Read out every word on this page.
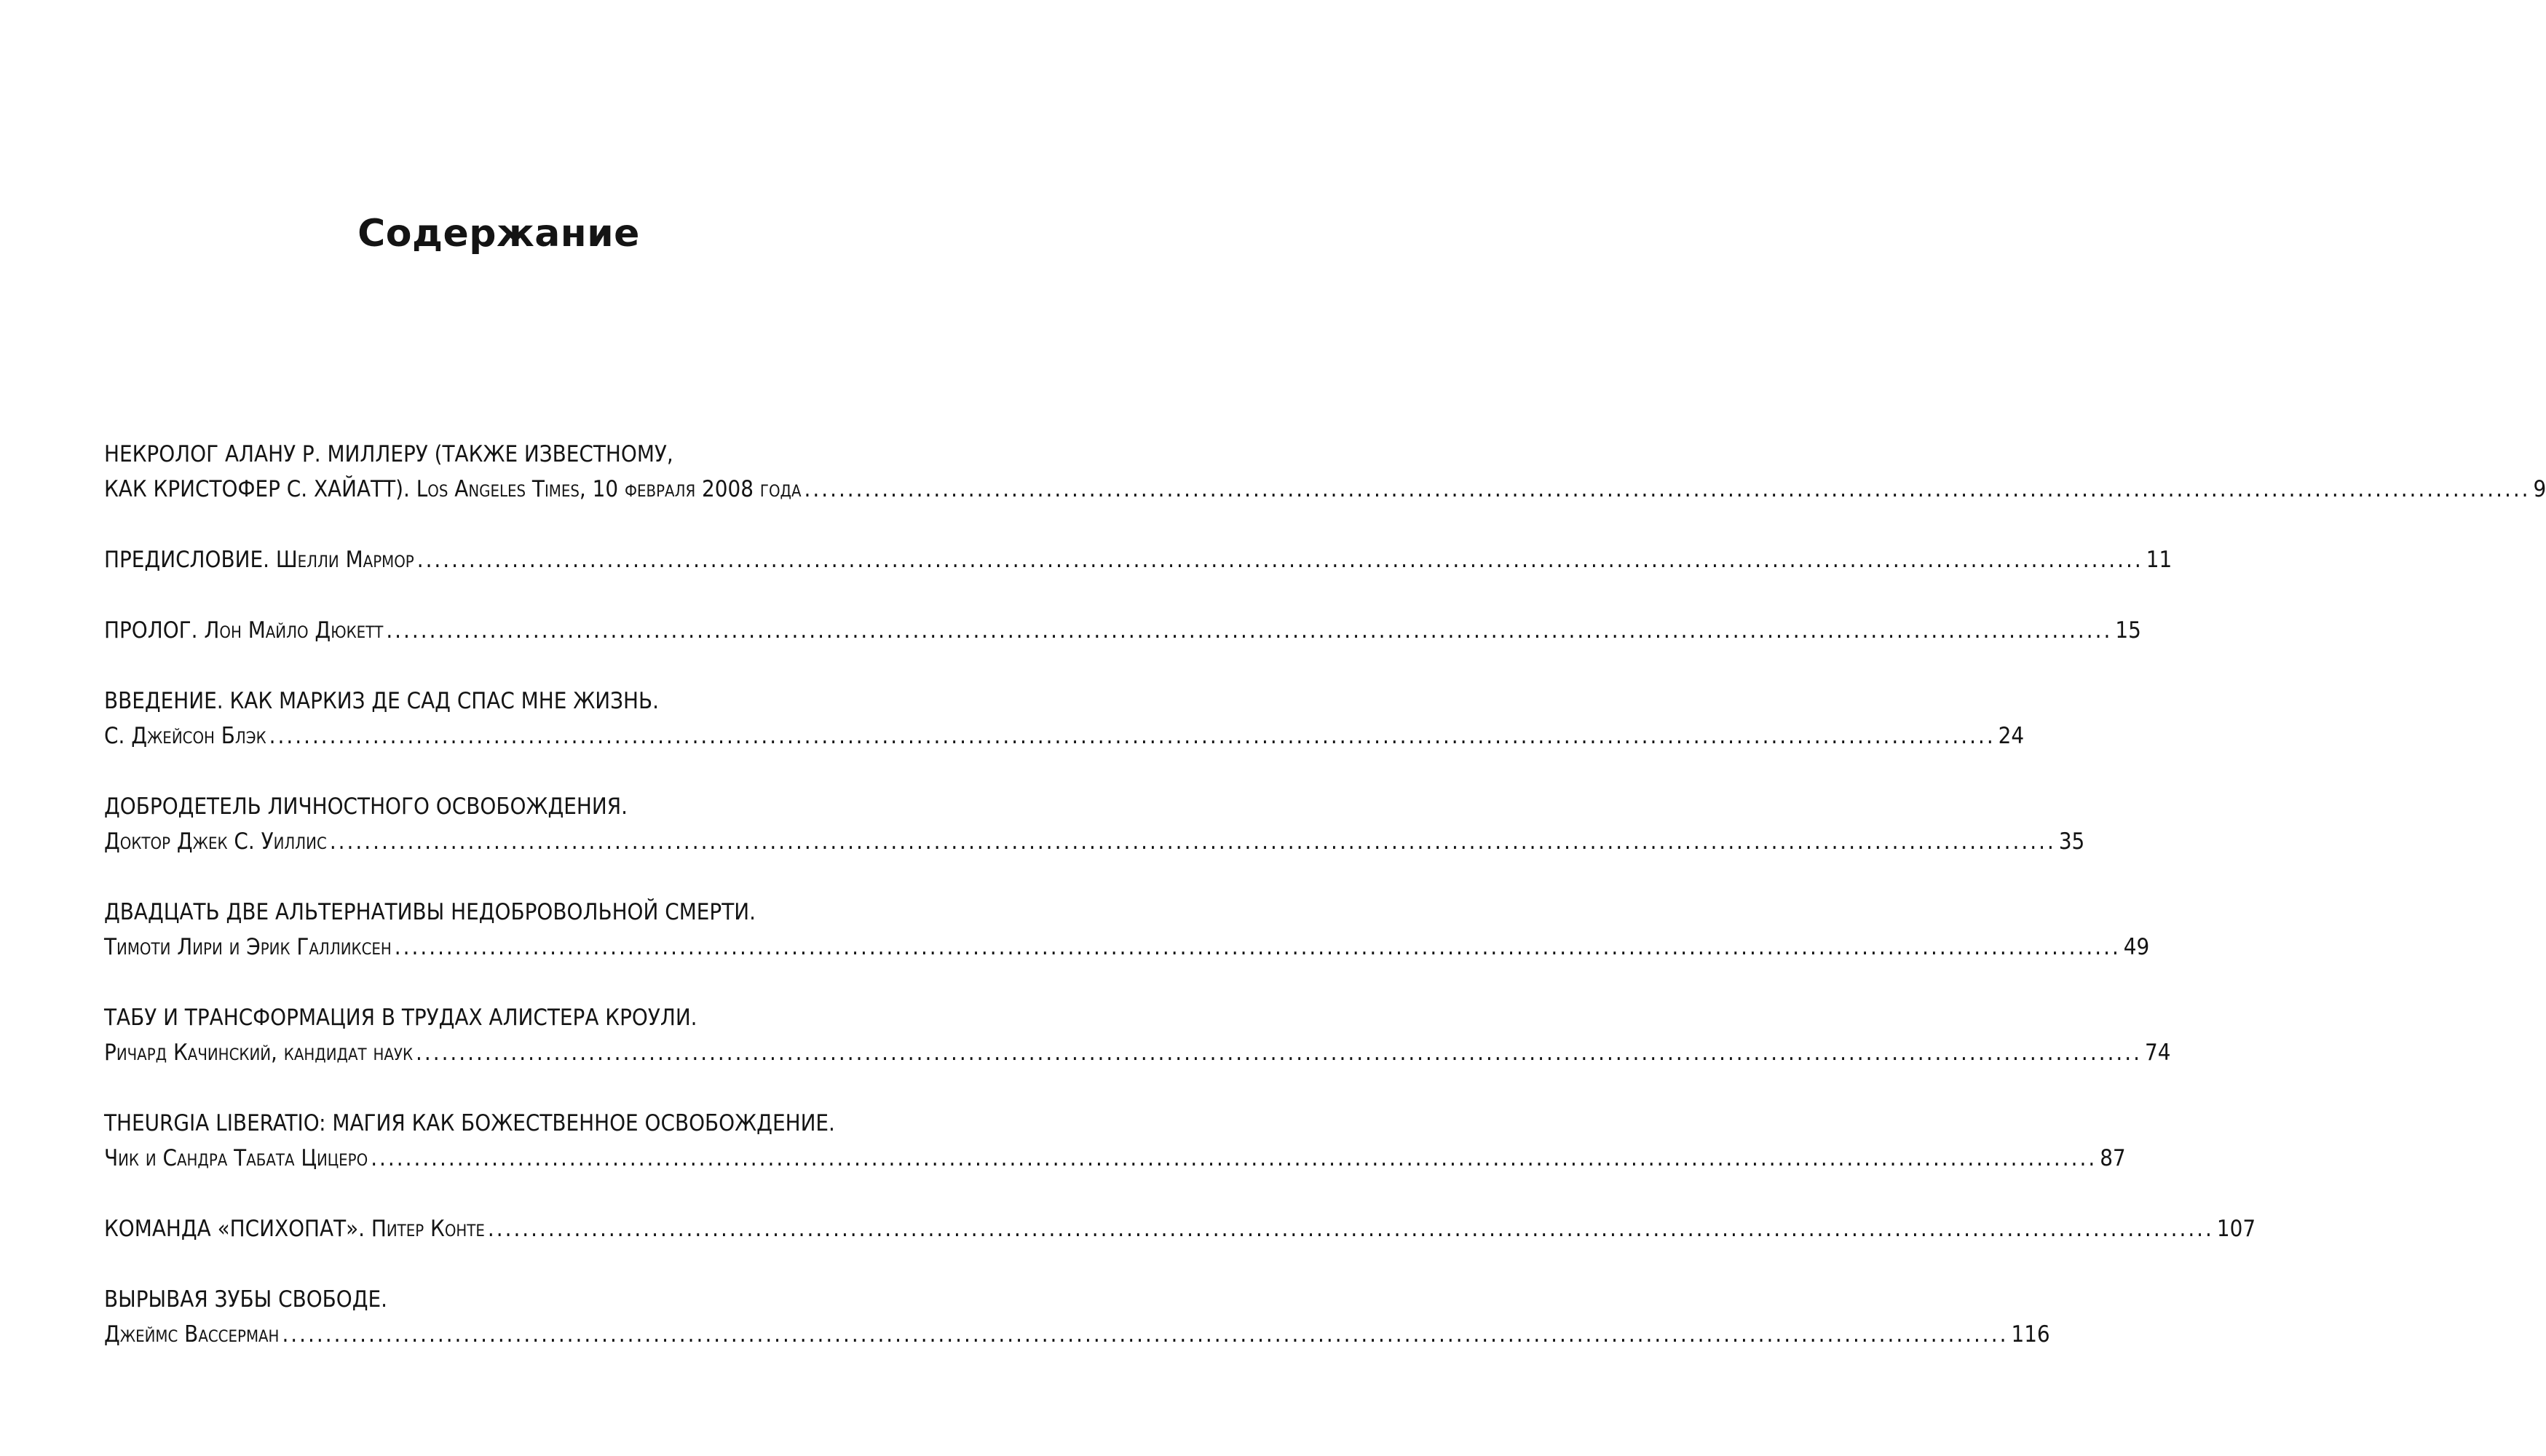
Содержание
НЕКРОЛОГ АЛАНУ Р. МИЛЛЕРУ (ТАКЖЕ ИЗВЕСТНОМУ,
КАК КРИСТОФЕР С. ХАЙАТТ). Los Angeles Times, 10 февраля 2008 года ........................................................................................................................................................................................................ 9
ПРЕДИСЛОВИЕ. Шелли Мармор ........................................................................................................................................................................................................ 11
ПРОЛОГ. Лон Майло Дюкетт ........................................................................................................................................................................................................ 15
ВВЕДЕНИЕ. КАК МАРКИЗ ДЕ САД СПАС МНЕ ЖИЗНЬ.
С. Джейсон Блэк ........................................................................................................................................................................................................ 24
ДОБРОДЕТЕЛЬ ЛИЧНОСТНОГО ОСВОБОЖДЕНИЯ.
Доктор Джек С. Уиллис ........................................................................................................................................................................................................ 35
ДВАДЦАТЬ ДВЕ АЛЬТЕРНАТИВЫ НЕДОБРОВОЛЬНОЙ СМЕРТИ.
Тимоти Лири и Эрик Галликсен ........................................................................................................................................................................................................ 49
ТАБУ И ТРАНСФОРМАЦИЯ В ТРУДАХ АЛИСТЕРА КРОУЛИ.
Ричард Качинский, кандидат наук ........................................................................................................................................................................................................ 74
THEURGIA LIBERATIO: МАГИЯ КАК БОЖЕСТВЕННОЕ ОСВОБОЖДЕНИЕ.
Чик и Сандра Табата Цицеро ........................................................................................................................................................................................................ 87
КОМАНДА «ПСИХОПАТ». Питер Конте ........................................................................................................................................................................................................ 107
ВЫРЫВАЯ ЗУБЫ СВОБОДЕ.
Джеймс Вассерман ........................................................................................................................................................................................................ 116
